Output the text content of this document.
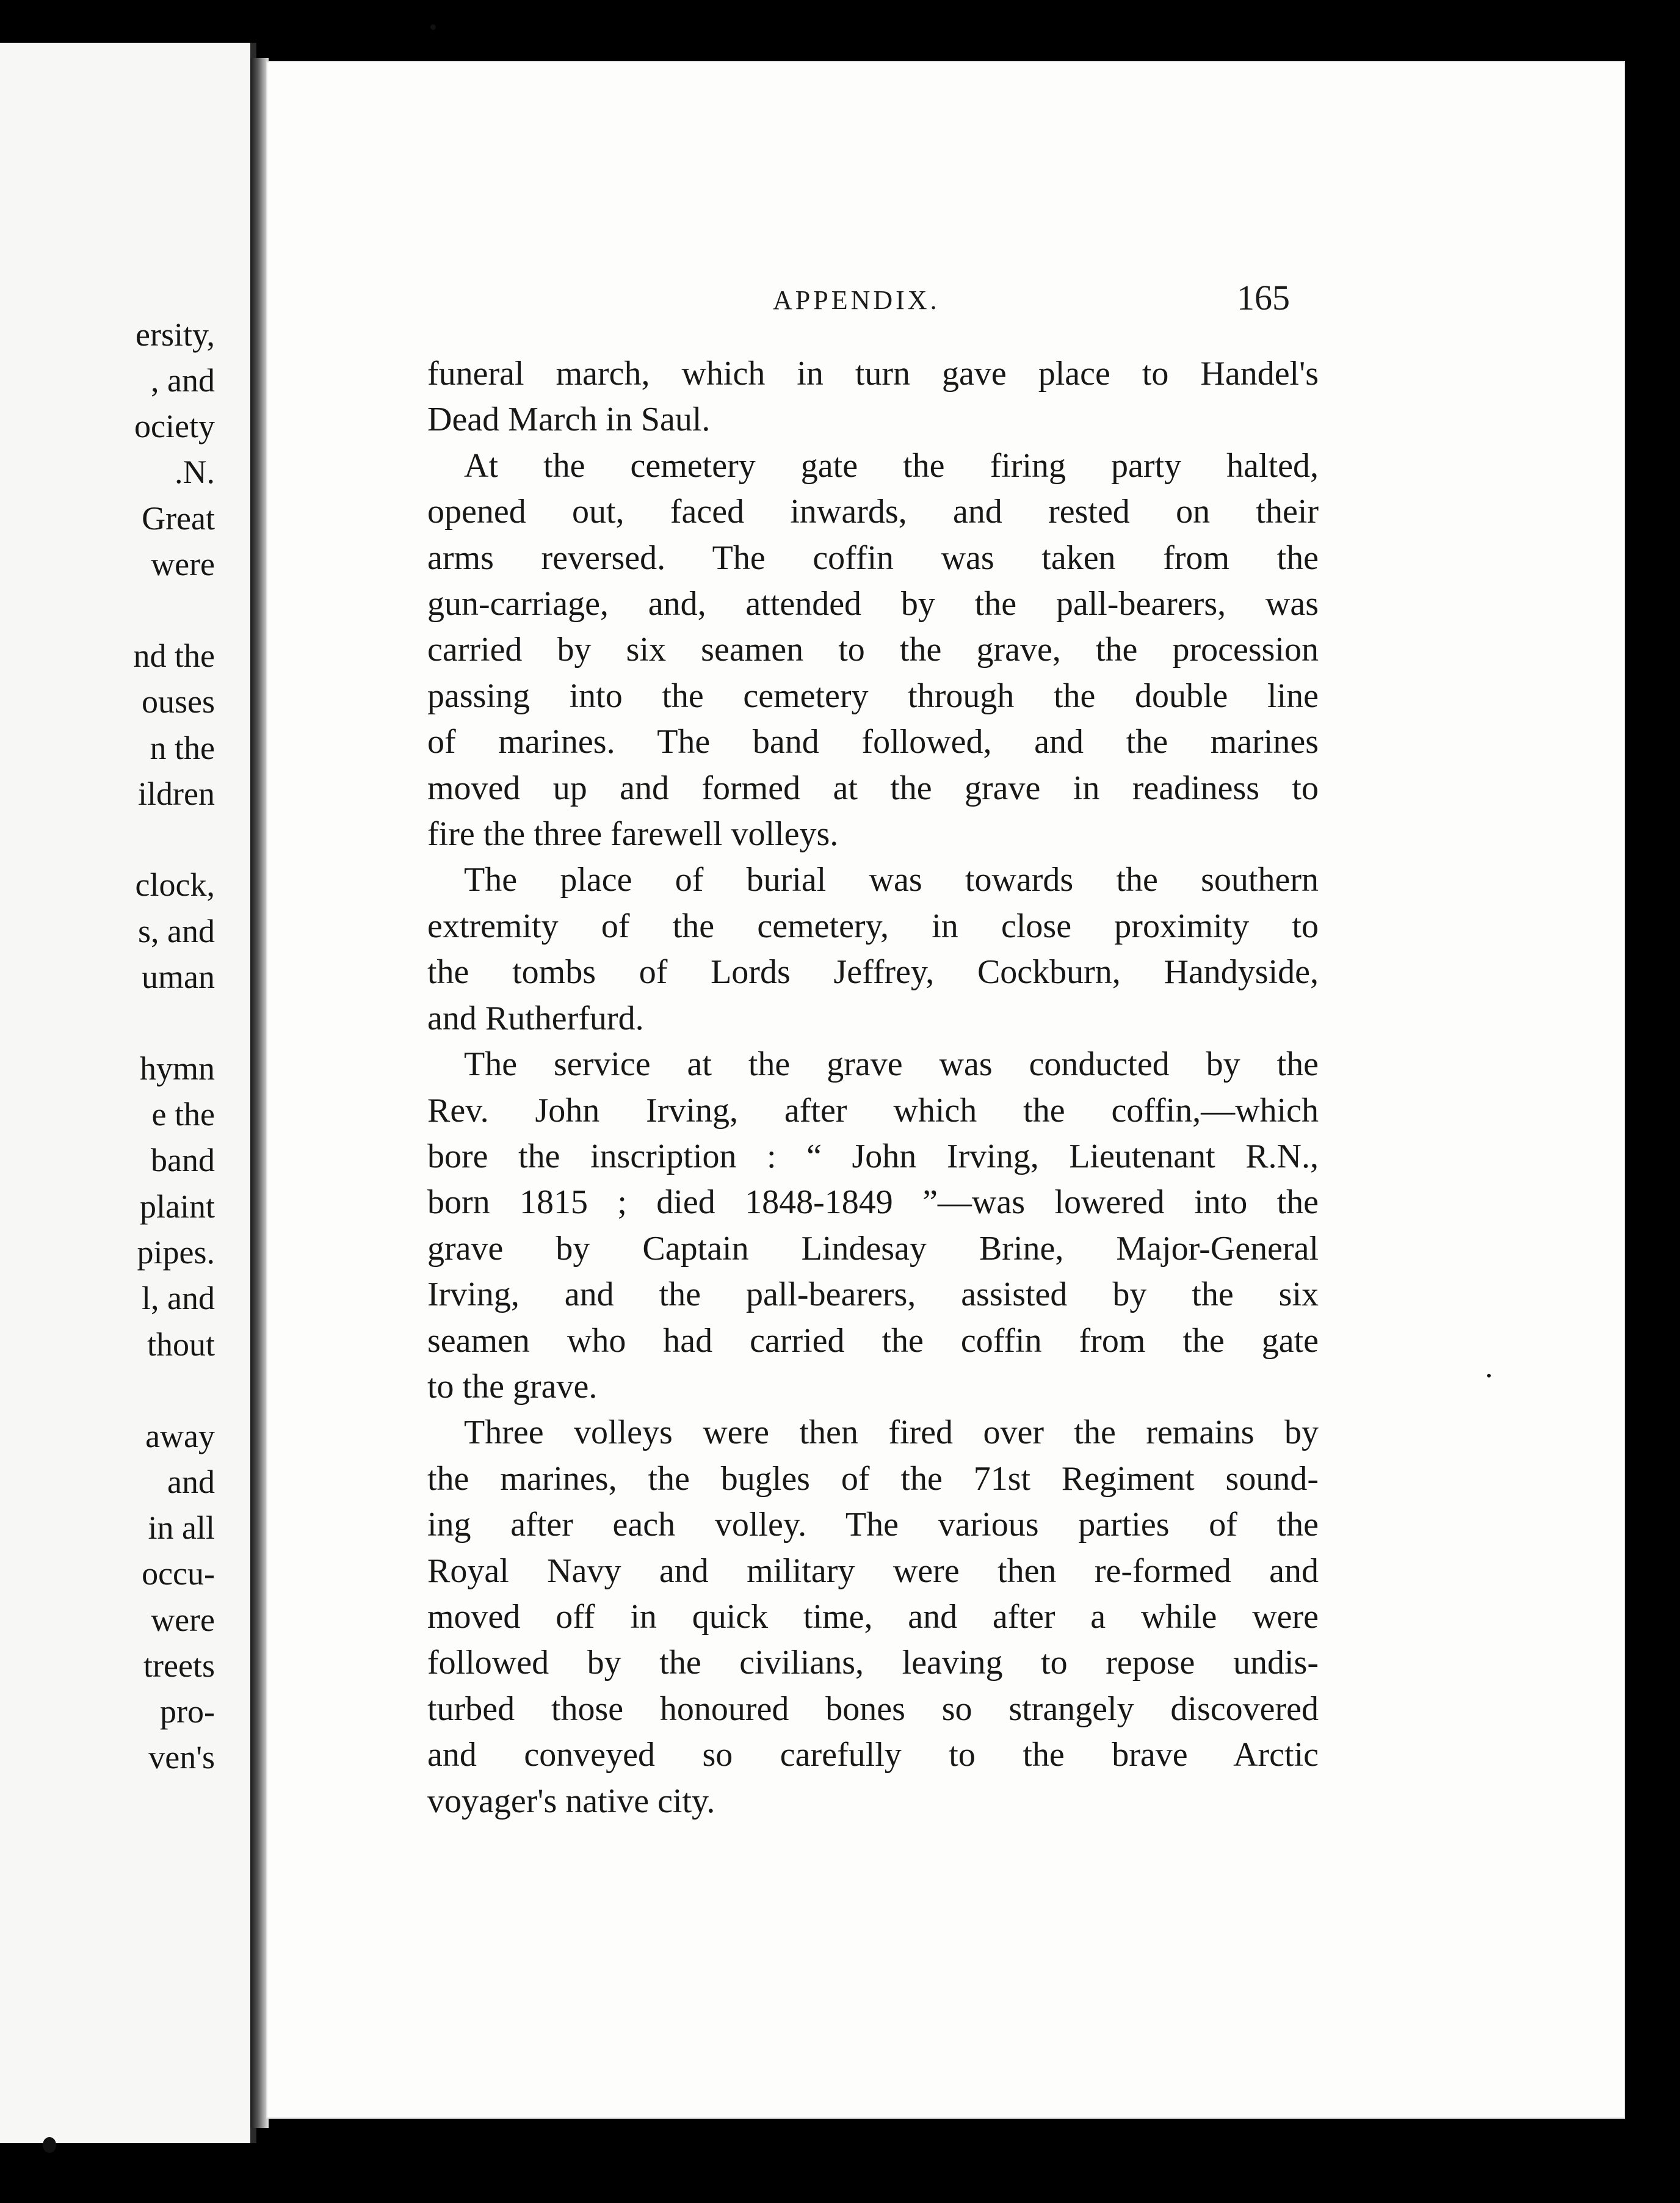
ersity,
, and
ociety
.N.
Great
were
nd the
ouses
n the
ildren
clock,
s, and
uman
hymn
e the
band
plaint
pipes.
l, and
thout
away
and
in all
occu-
were
treets
pro-
ven's
APPENDIX.	165
funeral march, which in turn gave place to Handel's
Dead March in Saul.
At the cemetery gate the firing party halted,
opened out, faced inwards, and rested on their
arms reversed. The coffin was taken from the
gun-carriage, and, attended by the pall-bearers, was
carried by six seamen to the grave, the procession
passing into the cemetery through the double line
of marines. The band followed, and the marines
moved up and formed at the grave in readiness to
fire the three farewell volleys.
The place of burial was towards the southern
extremity of the cemetery, in close proximity to
the tombs of Lords Jeffrey, Cockburn, Handyside,
and Rutherfurd.
The service at the grave was conducted by the
Rev. John Irving, after which the coffin,—which
bore the inscription : “ John Irving, Lieutenant R.N.,
born 1815 ; died 1848-1849 ”—was lowered into the
grave by Captain Lindesay Brine, Major-General
Irving, and the pall-bearers, assisted by the six
seamen who had carried the coffin from the gate
to the grave.
Three volleys were then fired over the remains by
the marines, the bugles of the 71st Regiment sound-
ing after each volley. The various parties of the
Royal Navy and military were then re-formed and
moved off in quick time, and after a while were
followed by the civilians, leaving to repose undis-
turbed those honoured bones so strangely discovered
and conveyed so carefully to the brave Arctic
voyager's native city.
